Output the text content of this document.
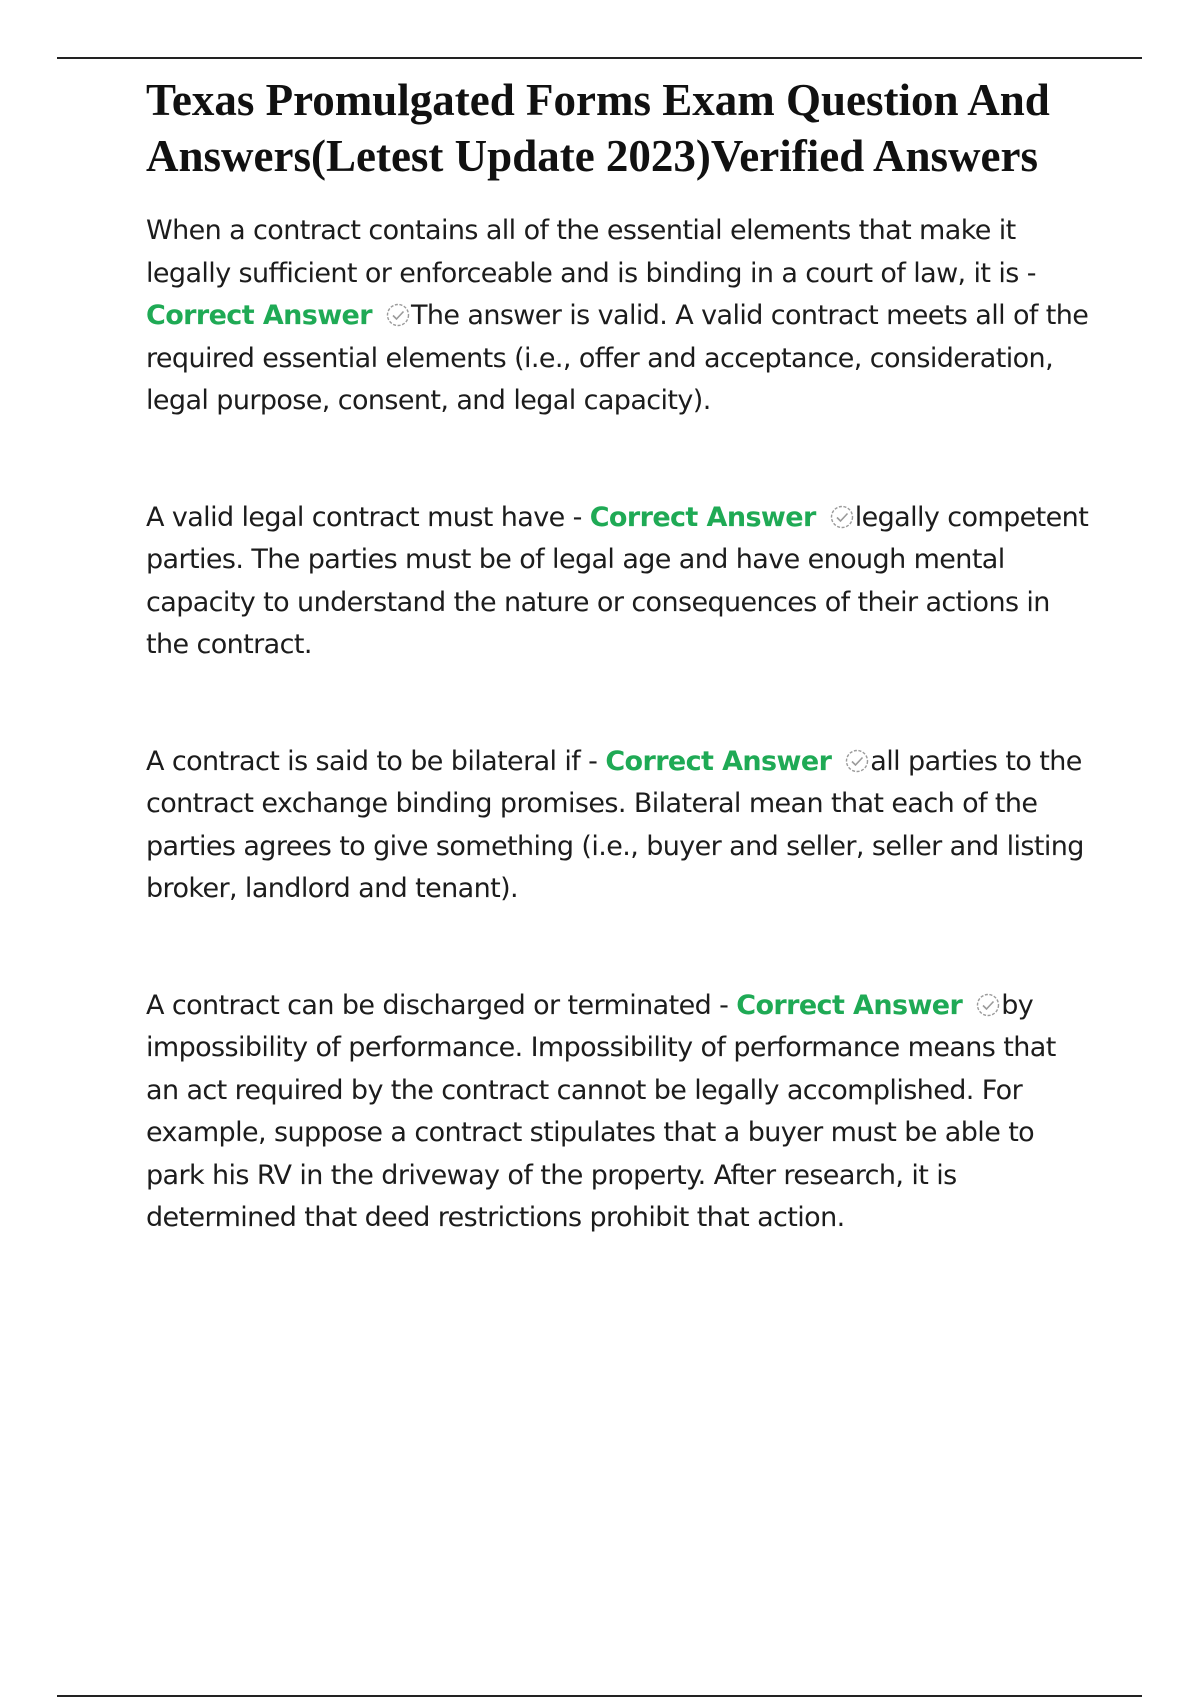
Texas Promulgated Forms Exam Question And Answers(Letest Update 2023)Verified Answers

When a contract contains all of the essential elements that make it legally sufficient or enforceable and is binding in a court of law, it is - Correct Answer The answer is valid. A valid contract meets all of the required essential elements (i.e., offer and acceptance, consideration, legal purpose, consent, and legal capacity).

A valid legal contract must have - Correct Answer legally competent parties. The parties must be of legal age and have enough mental capacity to understand the nature or consequences of their actions in the contract.

A contract is said to be bilateral if - Correct Answer all parties to the contract exchange binding promises. Bilateral mean that each of the parties agrees to give something (i.e., buyer and seller, seller and listing broker, landlord and tenant).

A contract can be discharged or terminated - Correct Answer by impossibility of performance. Impossibility of performance means that an act required by the contract cannot be legally accomplished. For example, suppose a contract stipulates that a buyer must be able to park his RV in the driveway of the property. After research, it is determined that deed restrictions prohibit that action.
